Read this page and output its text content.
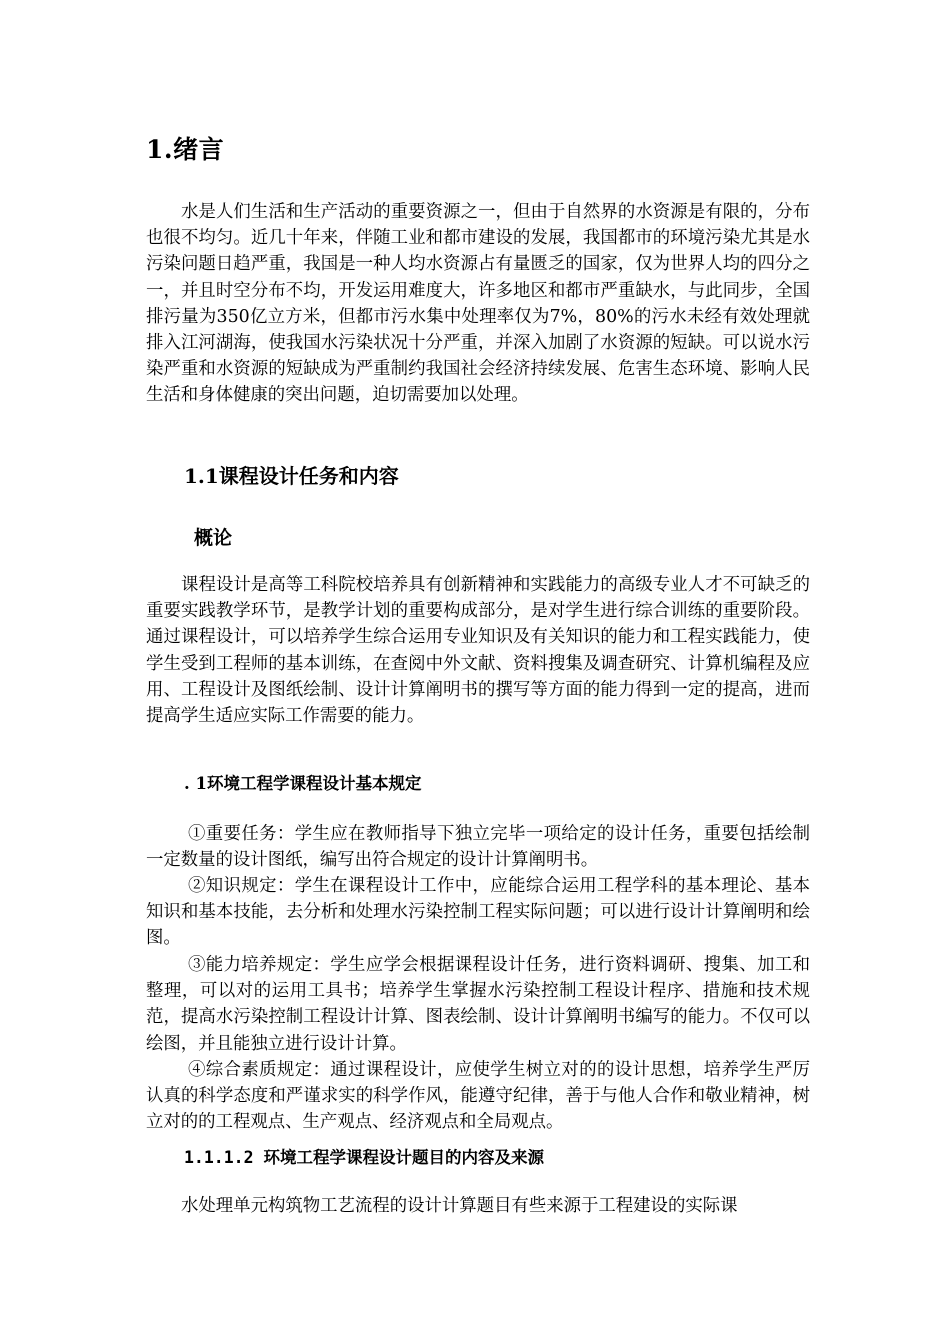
1.绪言

水是人们生活和生产活动的重要资源之一，但由于自然界的水资源是有限的，分布也很不均匀。近几十年来，伴随工业和都市建设的发展，我国都市的环境污染尤其是水污染问题日趋严重，我国是一种人均水资源占有量匮乏的国家，仅为世界人均的四分之一，并且时空分布不均，开发运用难度大，许多地区和都市严重缺水，与此同步，全国排污量为350亿立方米，但都市污水集中处理率仅为7%，80%的污水未经有效处理就排入江河湖海，使我国水污染状况十分严重，并深入加剧了水资源的短缺。可以说水污染严重和水资源的短缺成为严重制约我国社会经济持续发展、危害生态环境、影响人民生活和身体健康的突出问题，迫切需要加以处理。

1.1课程设计任务和内容
概论

课程设计是高等工科院校培养具有创新精神和实践能力的高级专业人才不可缺乏的重要实践教学环节，是教学计划的重要构成部分，是对学生进行综合训练的重要阶段。通过课程设计，可以培养学生综合运用专业知识及有关知识的能力和工程实践能力，使学生受到工程师的基本训练，在查阅中外文献、资料搜集及调查研究、计算机编程及应用、工程设计及图纸绘制、设计计算阐明书的撰写等方面的能力得到一定的提高，进而提高学生适应实际工作需要的能力。

. 1环境工程学课程设计基本规定

①重要任务：学生应在教师指导下独立完毕一项给定的设计任务，重要包括绘制一定数量的设计图纸，编写出符合规定的设计计算阐明书。

②知识规定：学生在课程设计工作中，应能综合运用工程学科的基本理论、基本知识和基本技能，去分析和处理水污染控制工程实际问题；可以进行设计计算阐明和绘图。

③能力培养规定：学生应学会根据课程设计任务，进行资料调研、搜集、加工和整理，可以对的运用工具书；培养学生掌握水污染控制工程设计程序、措施和技术规范，提高水污染控制工程设计计算、图表绘制、设计计算阐明书编写的能力。不仅可以绘图，并且能独立进行设计计算。

④综合素质规定：通过课程设计，应使学生树立对的的设计思想，培养学生严厉认真的科学态度和严谨求实的科学作风，能遵守纪律，善于与他人合作和敬业精神，树立对的的工程观点、生产观点、经济观点和全局观点。

1.1.1.2 环境工程学课程设计题目的内容及来源

水处理单元构筑物工艺流程的设计计算题目有些来源于工程建设的实际课
